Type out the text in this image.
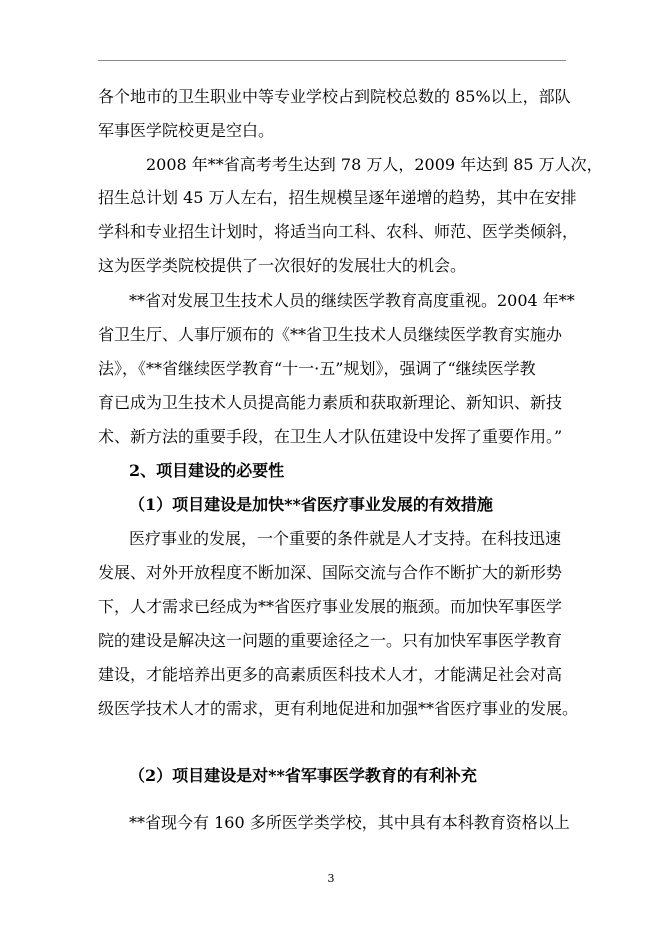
各个地市的卫生职业中等专业学校占到院校总数的 85%以上，部队
军事医学院校更是空白。
2008 年**省高考考生达到 78 万人，2009 年达到 85 万人次，
招生总计划 45 万人左右，招生规模呈逐年递增的趋势，其中在安排
学科和专业招生计划时，将适当向工科、农科、师范、医学类倾斜，
这为医学类院校提供了一次很好的发展壮大的机会。
**省对发展卫生技术人员的继续医学教育高度重视。2004 年**
省卫生厅、人事厅颁布的《**省卫生技术人员继续医学教育实施办
法》，《**省继续医学教育“十一·五”规划》，强调了“继续医学教
育已成为卫生技术人员提高能力素质和获取新理论、新知识、新技
术、新方法的重要手段，在卫生人才队伍建设中发挥了重要作用。”
2、项目建设的必要性
（1）项目建设是加快**省医疗事业发展的有效措施
医疗事业的发展，一个重要的条件就是人才支持。在科技迅速
发展、对外开放程度不断加深、国际交流与合作不断扩大的新形势
下，人才需求已经成为**省医疗事业发展的瓶颈。而加快军事医学
院的建设是解决这一问题的重要途径之一。只有加快军事医学教育
建设，才能培养出更多的高素质医科技术人才，才能满足社会对高
级医学技术人才的需求，更有利地促进和加强**省医疗事业的发展。
（2）项目建设是对**省军事医学教育的有利补充
**省现今有 160 多所医学类学校，其中具有本科教育资格以上
3
